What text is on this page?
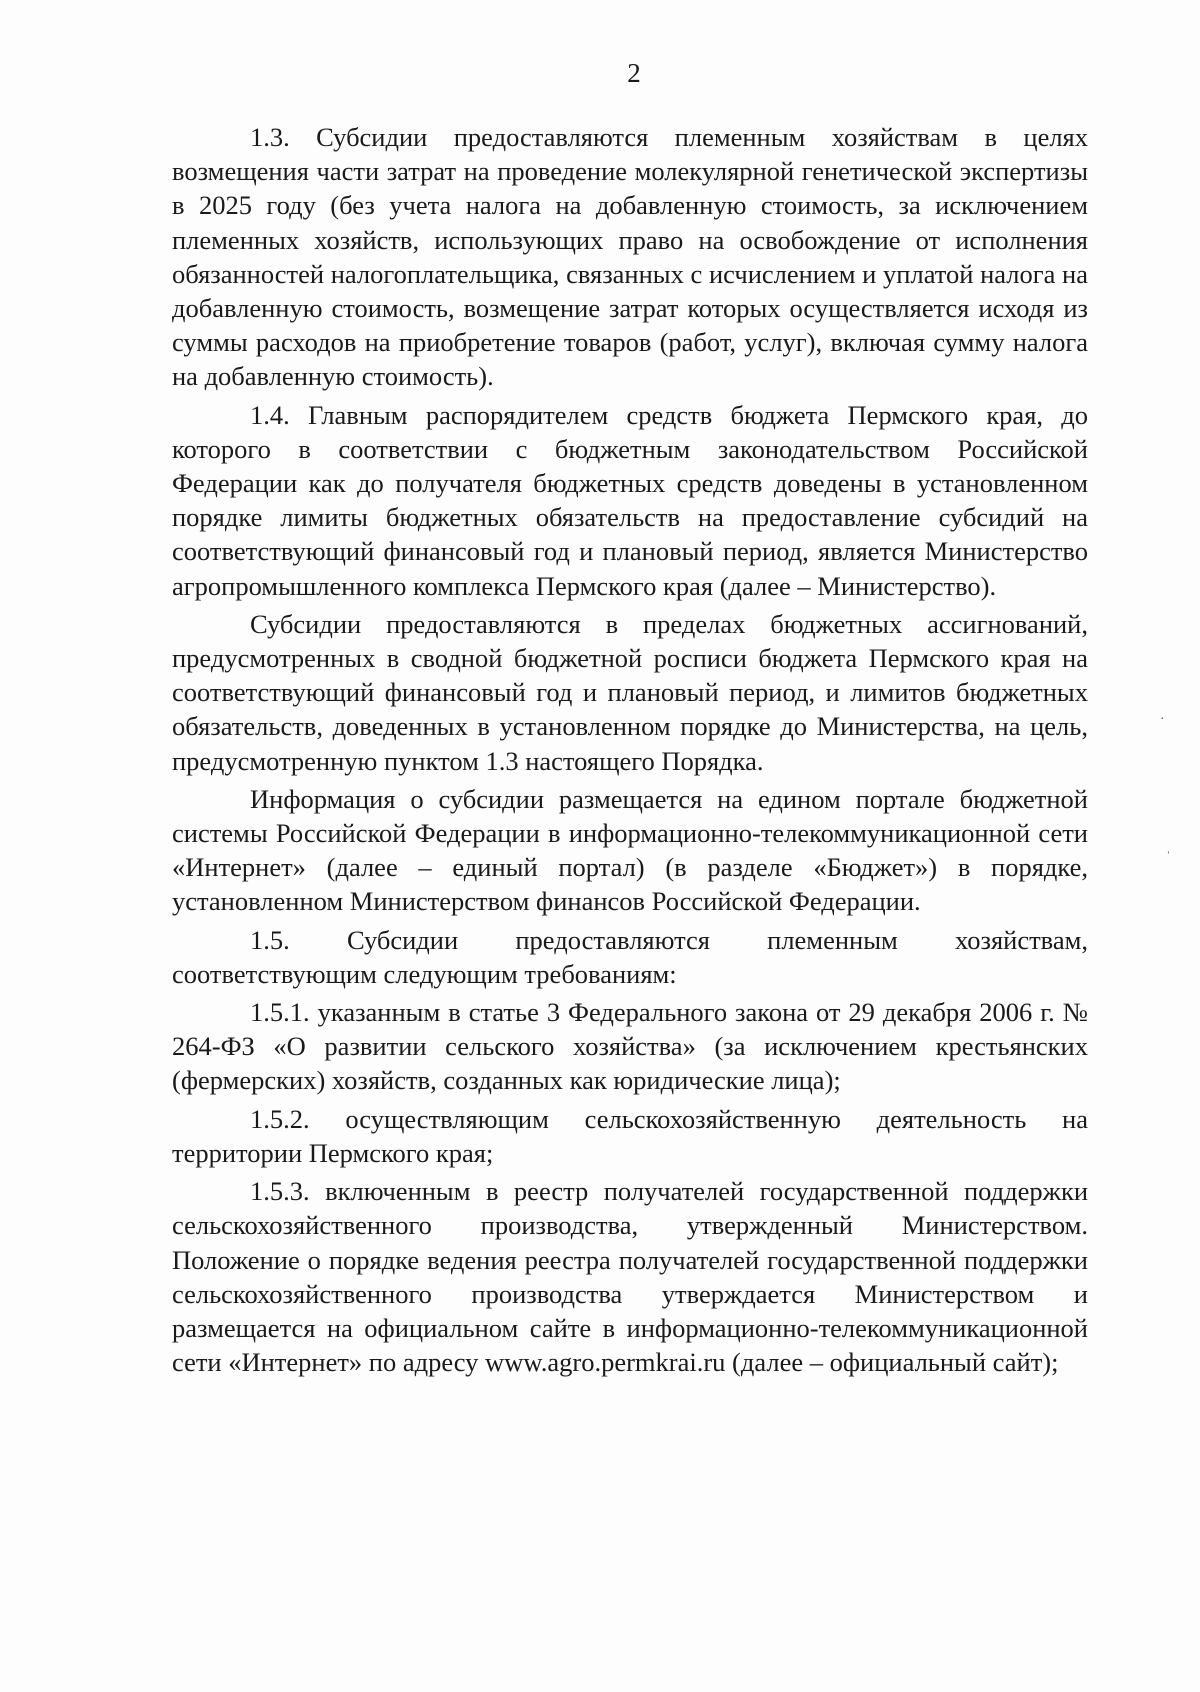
2

1.3. Субсидии предоставляются племенным хозяйствам в целях возмещения части затрат на проведение молекулярной генетической экспертизы в 2025 году (без учета налога на добавленную стоимость, за исключением племенных хозяйств, использующих право на освобождение от исполнения обязанностей налогоплательщика, связанных с исчислением и уплатой налога на добавленную стоимость, возмещение затрат которых осуществляется исходя из суммы расходов на приобретение товаров (работ, услуг), включая сумму налога на добавленную стоимость).

1.4. Главным распорядителем средств бюджета Пермского края, до которого в соответствии с бюджетным законодательством Российской Федерации как до получателя бюджетных средств доведены в установленном порядке лимиты бюджетных обязательств на предоставление субсидий на соответствующий финансовый год и плановый период, является Министерство агропромышленного комплекса Пермского края (далее – Министерство).

Субсидии предоставляются в пределах бюджетных ассигнований, предусмотренных в сводной бюджетной росписи бюджета Пермского края на соответствующий финансовый год и плановый период, и лимитов бюджетных обязательств, доведенных в установленном порядке до Министерства, на цель, предусмотренную пунктом 1.3 настоящего Порядка.

Информация о субсидии размещается на едином портале бюджетной системы Российской Федерации в информационно-телекоммуникационной сети «Интернет» (далее – единый портал) (в разделе «Бюджет») в порядке, установленном Министерством финансов Российской Федерации.

1.5. Субсидии предоставляются племенным хозяйствам, соответствующим следующим требованиям:

1.5.1. указанным в статье 3 Федерального закона от 29 декабря 2006 г. № 264-ФЗ «О развитии сельского хозяйства» (за исключением крестьянских (фермерских) хозяйств, созданных как юридические лица);

1.5.2. осуществляющим сельскохозяйственную деятельность на территории Пермского края;

1.5.3. включенным в реестр получателей государственной поддержки сельскохозяйственного производства, утвержденный Министерством. Положение о порядке ведения реестра получателей государственной поддержки сельскохозяйственного производства утверждается Министерством и размещается на официальном сайте в информационно-телекоммуникационной сети «Интернет» по адресу www.agro.permkrai.ru (далее – официальный сайт);

·
ˈ
